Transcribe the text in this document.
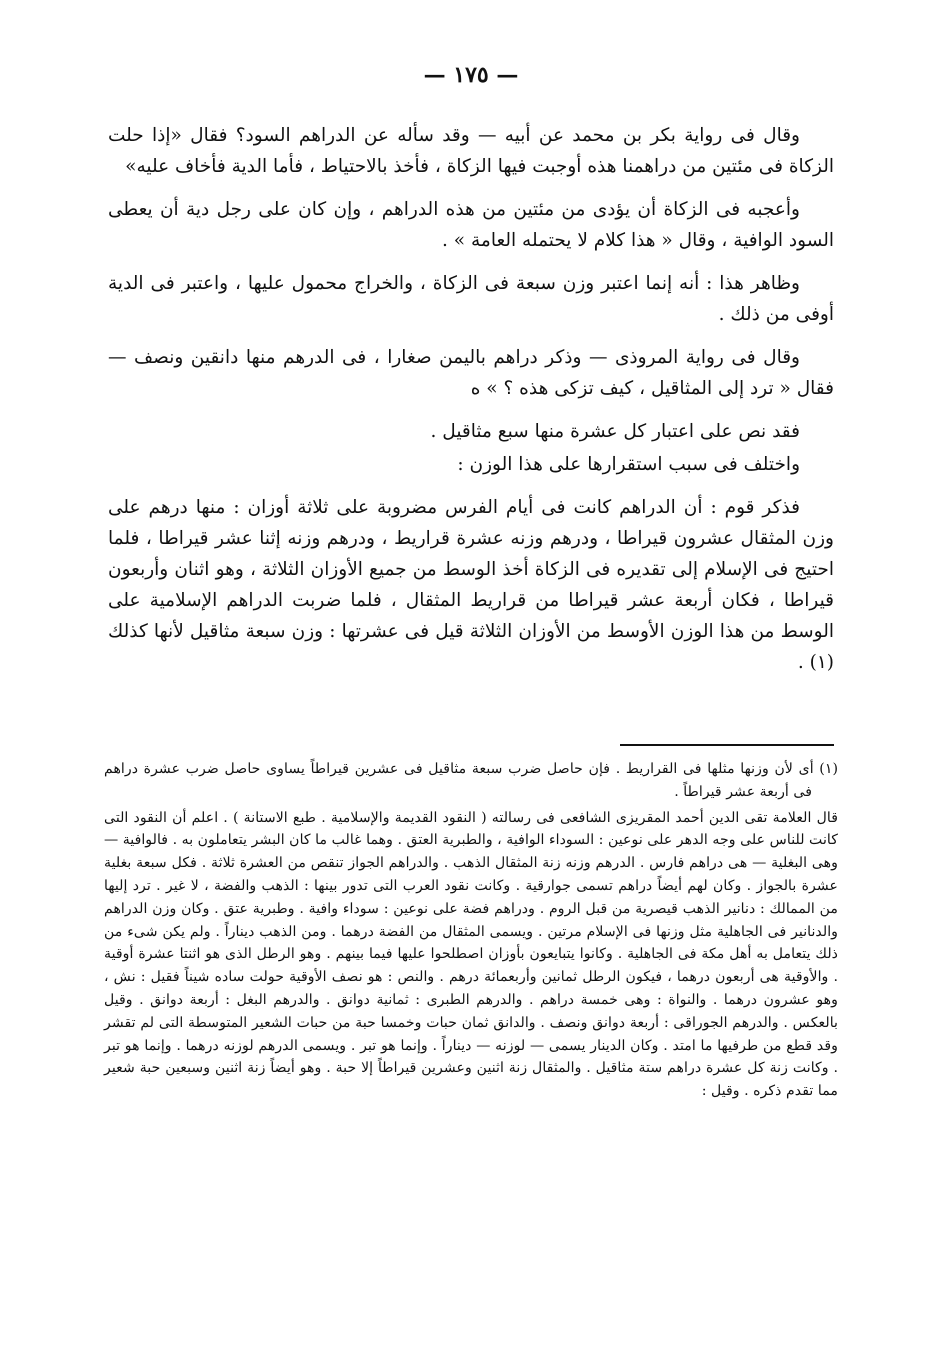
— ١٧٥ —

وقال فى رواية بكر بن محمد عن أبيه — وقد سأله عن الدراهم السود؟ فقال «إذا حلت الزكاة فى مئتين من دراهمنا هذه أوجبت فيها الزكاة ، فأخذ بالاحتياط ، فأما الدية فأخاف عليه»

وأعجبه فى الزكاة أن يؤدى من مئتين من هذه الدراهم ، وإن كان على رجل دية أن يعطى السود الوافية ، وقال « هذا كلام لا يحتمله العامة » .

وظاهر هذا : أنه إنما اعتبر وزن سبعة فى الزكاة ، والخراج محمول عليها ، واعتبر فى الدية أوفى من ذلك .

وقال فى رواية المروذى — وذكر دراهم باليمن صغارا ، فى الدرهم منها دانقين ونصف — فقال « ترد إلى المثاقيل ، كيف تزكى هذه ؟ » ه

فقد نص على اعتبار كل عشرة منها سبع مثاقيل .

واختلف فى سبب استقرارها على هذا الوزن :

فذكر قوم : أن الدراهم كانت فى أيام الفرس مضروبة على ثلاثة أوزان : منها درهم على وزن المثقال عشرون قيراطا ، ودرهم وزنه عشرة قراريط ، ودرهم وزنه إثنا عشر قيراطا ، فلما احتيج فى الإسلام إلى تقديره فى الزكاة أخذ الوسط من جميع الأوزان الثلاثة ، وهو اثنان وأربعون قيراطا ، فكان أربعة عشر قيراطا من قراريط المثقال ، فلما ضربت الدراهم الإسلامية على الوسط من هذا الوزن الأوسط من الأوزان الثلاثة قيل فى عشرتها : وزن سبعة مثاقيل لأنها كذلك (١) .

(١) أى لأن وزنها مثلها فى القراريط . فإن حاصل ضرب سبعة مثاقيل فى عشرين قيراطاً يساوى حاصل ضرب عشرة دراهم فى أربعة عشر قيراطاً .

قال العلامة تقى الدين أحمد المقريزى الشافعى فى رسالته ( النقود القديمة والإسلامية . طبع الاستانة ) . اعلم أن النقود التى كانت للناس على وجه الدهر على نوعين : السوداء الوافية ، والطبرية العتق . وهما غالب ما كان البشر يتعاملون به . فالوافية — وهى البغلية — هى دراهم فارس . الدرهم وزنه زنة المثقال الذهب . والدراهم الجواز تنقص من العشرة ثلاثة . فكل سبعة بغلية عشرة بالجواز . وكان لهم أيضاً دراهم تسمى جوارقية . وكانت نقود العرب التى تدور بينها : الذهب والفضة ، لا غير . ترد إليها من الممالك : دنانير الذهب قيصرية من قبل الروم . ودراهم فضة على نوعين : سوداء وافية . وطبرية عتق . وكان وزن الدراهم والدنانير فى الجاهلية مثل وزنها فى الإسلام مرتين . ويسمى المثقال من الفضة درهما . ومن الذهب ديناراً . ولم يكن شىء من ذلك يتعامل به أهل مكة فى الجاهلية . وكانوا يتبايعون بأوزان اصطلحوا عليها فيما بينهم . وهو الرطل الذى هو اثنتا عشرة أوقية . والأوقية هى أربعون درهما ، فيكون الرطل ثمانين وأربعمائة درهم . والنص : هو نصف الأوقية حولت ساده شيناً فقيل : نش ، وهو عشرون درهما . والنواة : وهى خمسة دراهم . والدرهم الطبرى : ثمانية دوانق . والدرهم البغل : أربعة دوانق . وقيل بالعكس . والدرهم الجوراقى : أربعة دوانق ونصف . والدانق ثمان حبات وخمسا حبة من حبات الشعير المتوسطة التى لم تقشر وقد قطع من طرفيها ما امتد . وكان الدينار يسمى — لوزنه — ديناراً . وإنما هو تبر . ويسمى الدرهم لوزنه درهما . وإنما هو تبر . وكانت زنة كل عشرة دراهم ستة مثاقيل . والمثقال زنة اثنين وعشرين قيراطاً إلا حبة . وهو أيضاً زنة اثنين وسبعين حبة شعير مما تقدم ذكره . وقيل :
